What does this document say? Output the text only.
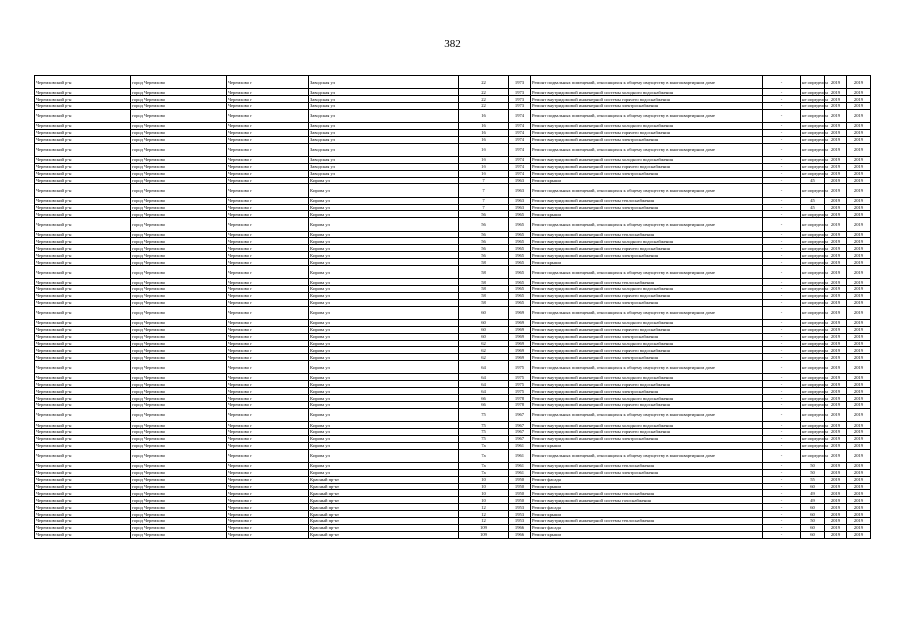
382
Черемховский р-н	город Черемхово	Черемхово г	Заводская ул	22	1973	Ремонт подвальных помещений, относящихся к общему имуществу в многоквартирном доме	-	не определен	2019	2019
Черемховский р-н	город Черемхово	Черемхово г	Заводская ул	22	1973	Ремонт внутридомовой инженерной системы холодного водоснабжения	-	не определен	2019	2019
Черемховский р-н	город Черемхово	Черемхово г	Заводская ул	22	1973	Ремонт внутридомовой инженерной системы горячего водоснабжения	-	не определен	2019	2019
Черемховский р-н	город Черемхово	Черемхово г	Заводская ул	22	1973	Ремонт внутридомовой инженерной системы электроснабжения	-	не определен	2019	2019
Черемховский р-н	город Черемхово	Черемхово г	Заводская ул	16	1974	Ремонт подвальных помещений, относящихся к общему имуществу в многоквартирном доме	-	не определен	2019	2019
Черемховский р-н	город Черемхово	Черемхово г	Заводская ул	16	1974	Ремонт внутридомовой инженерной системы холодного водоснабжения	-	не определен	2019	2019
Черемховский р-н	город Черемхово	Черемхово г	Заводская ул	16	1974	Ремонт внутридомовой инженерной системы горячего водоснабжения	-	не определен	2019	2019
Черемховский р-н	город Черемхово	Черемхово г	Заводская ул	16	1974	Ремонт внутридомовой инженерной системы электроснабжения	-	не определен	2019	2019
Черемховский р-н	город Черемхово	Черемхово г	Заводская ул	1б	1974	Ремонт подвальных помещений, относящихся к общему имуществу в многоквартирном доме	-	не определен	2019	2019
Черемховский р-н	город Черемхово	Черемхово г	Заводская ул	1б	1974	Ремонт внутридомовой инженерной системы холодного водоснабжения	-	не определен	2019	2019
Черемховский р-н	город Черемхово	Черемхово г	Заводская ул	1б	1974	Ремонт внутридомовой инженерной системы горячего водоснабжения	-	не определен	2019	2019
Черемховский р-н	город Черемхово	Черемхово г	Заводская ул	1б	1974	Ремонт внутридомовой инженерной системы электроснабжения	-	не определен	2019	2019
Черемховский р-н	город Черемхово	Черемхово г	Кирова ул	7	1963	Ремонт крыши	-	45	2019	2019
Черемховский р-н	город Черемхово	Черемхово г	Кирова ул	7	1963	Ремонт подвальных помещений, относящихся к общему имуществу в многоквартирном доме	-	не определен	2019	2019
Черемховский р-н	город Черемхово	Черемхово г	Кирова ул	7	1963	Ремонт внутридомовой инженерной системы теплоснабжения	-	45	2019	2019
Черемховский р-н	город Черемхово	Черемхово г	Кирова ул	7	1963	Ремонт внутридомовой инженерной системы электроснабжения	-	45	2019	2019
Черемховский р-н	город Черемхово	Черемхово г	Кирова ул	56	1965	Ремонт крыши	-	не определен	2019	2019
Черемховский р-н	город Черемхово	Черемхово г	Кирова ул	56	1965	Ремонт подвальных помещений, относящихся к общему имуществу в многоквартирном доме	-	не определен	2019	2019
Черемховский р-н	город Черемхово	Черемхово г	Кирова ул	56	1965	Ремонт внутридомовой инженерной системы теплоснабжения	-	не определен	2019	2019
Черемховский р-н	город Черемхово	Черемхово г	Кирова ул	56	1965	Ремонт внутридомовой инженерной системы холодного водоснабжения	-	не определен	2019	2019
Черемховский р-н	город Черемхово	Черемхово г	Кирова ул	56	1965	Ремонт внутридомовой инженерной системы горячего водоснабжения	-	не определен	2019	2019
Черемховский р-н	город Черемхово	Черемхово г	Кирова ул	56	1965	Ремонт внутридомовой инженерной системы электроснабжения	-	не определен	2019	2019
Черемховский р-н	город Черемхово	Черемхово г	Кирова ул	58	1965	Ремонт крыши	-	не определен	2019	2019
Черемховский р-н	город Черемхово	Черемхово г	Кирова ул	58	1965	Ремонт подвальных помещений, относящихся к общему имуществу в многоквартирном доме	-	не определен	2019	2019
Черемховский р-н	город Черемхово	Черемхово г	Кирова ул	58	1965	Ремонт внутридомовой инженерной системы теплоснабжения	-	не определен	2019	2019
Черемховский р-н	город Черемхово	Черемхово г	Кирова ул	58	1965	Ремонт внутридомовой инженерной системы холодного водоснабжения	-	не определен	2019	2019
Черемховский р-н	город Черемхово	Черемхово г	Кирова ул	58	1965	Ремонт внутридомовой инженерной системы горячего водоснабжения	-	не определен	2019	2019
Черемховский р-н	город Черемхово	Черемхово г	Кирова ул	58	1965	Ремонт внутридомовой инженерной системы электроснабжения	-	не определен	2019	2019
Черемховский р-н	город Черемхово	Черемхово г	Кирова ул	60	1969	Ремонт подвальных помещений, относящихся к общему имуществу в многоквартирном доме	-	не определен	2019	2019
Черемховский р-н	город Черемхово	Черемхово г	Кирова ул	60	1969	Ремонт внутридомовой инженерной системы холодного водоснабжения	-	не определен	2019	2019
Черемховский р-н	город Черемхово	Черемхово г	Кирова ул	60	1969	Ремонт внутридомовой инженерной системы горячего водоснабжения	-	не определен	2019	2019
Черемховский р-н	город Черемхово	Черемхово г	Кирова ул	60	1969	Ремонт внутридомовой инженерной системы электроснабжения	-	не определен	2019	2019
Черемховский р-н	город Черемхово	Черемхово г	Кирова ул	62	1969	Ремонт внутридомовой инженерной системы холодного водоснабжения	-	не определен	2019	2019
Черемховский р-н	город Черемхово	Черемхово г	Кирова ул	62	1969	Ремонт внутридомовой инженерной системы горячего водоснабжения	-	не определен	2019	2019
Черемховский р-н	город Черемхово	Черемхово г	Кирова ул	62	1969	Ремонт внутридомовой инженерной системы электроснабжения	-	не определен	2019	2019
Черемховский р-н	город Черемхово	Черемхово г	Кирова ул	64	1975	Ремонт подвальных помещений, относящихся к общему имуществу в многоквартирном доме	-	не определен	2019	2019
Черемховский р-н	город Черемхово	Черемхово г	Кирова ул	64	1975	Ремонт внутридомовой инженерной системы холодного водоснабжения	-	не определен	2019	2019
Черемховский р-н	город Черемхово	Черемхово г	Кирова ул	64	1975	Ремонт внутридомовой инженерной системы горячего водоснабжения	-	не определен	2019	2019
Черемховский р-н	город Черемхово	Черемхово г	Кирова ул	64	1975	Ремонт внутридомовой инженерной системы электроснабжения	-	не определен	2019	2019
Черемховский р-н	город Черемхово	Черемхово г	Кирова ул	66	1978	Ремонт внутридомовой инженерной системы холодного водоснабжения	-	не определен	2019	2019
Черемховский р-н	город Черемхово	Черемхово г	Кирова ул	66	1978	Ремонт внутридомовой инженерной системы горячего водоснабжения	-	не определен	2019	2019
Черемховский р-н	город Черемхово	Черемхово г	Кирова ул	75	1967	Ремонт подвальных помещений, относящихся к общему имуществу в многоквартирном доме	-	не определен	2019	2019
Черемховский р-н	город Черемхово	Черемхово г	Кирова ул	75	1967	Ремонт внутридомовой инженерной системы холодного водоснабжения	-	не определен	2019	2019
Черемховский р-н	город Черемхово	Черемхово г	Кирова ул	75	1967	Ремонт внутридомовой инженерной системы горячего водоснабжения	-	не определен	2019	2019
Черемховский р-н	город Черемхово	Черемхово г	Кирова ул	75	1967	Ремонт внутридомовой инженерной системы электроснабжения	-	не определен	2019	2019
Черемховский р-н	город Черемхово	Черемхово г	Кирова ул	7а	1961	Ремонт крыши	-	не определен	2019	2019
Черемховский р-н	город Черемхово	Черемхово г	Кирова ул	7а	1961	Ремонт подвальных помещений, относящихся к общему имуществу в многоквартирном доме	-	не определен	2019	2019
Черемховский р-н	город Черемхово	Черемхово г	Кирова ул	7а	1961	Ремонт внутридомовой инженерной системы теплоснабжения	-	50	2019	2019
Черемховский р-н	город Черемхово	Черемхово г	Кирова ул	7а	1961	Ремонт внутридомовой инженерной системы электроснабжения	-	50	2019	2019
Черемховский р-н	город Черемхово	Черемхово г	Красный пр-кт	10	1950	Ремонт фасада	-	55	2019	2019
Черемховский р-н	город Черемхово	Черемхово г	Красный пр-кт	10	1950	Ремонт крыши	-	60	2019	2019
Черемховский р-н	город Черемхово	Черемхово г	Красный пр-кт	10	1950	Ремонт внутридомовой инженерной системы теплоснабжения	-	49	2019	2019
Черемховский р-н	город Черемхово	Черемхово г	Красный пр-кт	10	1950	Ремонт внутридомовой инженерной системы газоснабжения	-	49	2019	2019
Черемховский р-н	город Черемхово	Черемхово г	Красный пр-кт	12	1953	Ремонт фасада	-	60	2019	2019
Черемховский р-н	город Черемхово	Черемхово г	Красный пр-кт	12	1953	Ремонт крыши	-	60	2019	2019
Черемховский р-н	город Черемхово	Черемхово г	Красный пр-кт	12	1953	Ремонт внутридомовой инженерной системы теплоснабжения	-	50	2019	2019
Черемховский р-н	город Черемхово	Черемхово г	Красный пр-кт	109	1966	Ремонт фасада	-	60	2019	2019
Черемховский р-н	город Черемхово	Черемхово г	Красный пр-кт	109	1966	Ремонт крыши	-	60	2019	2019
